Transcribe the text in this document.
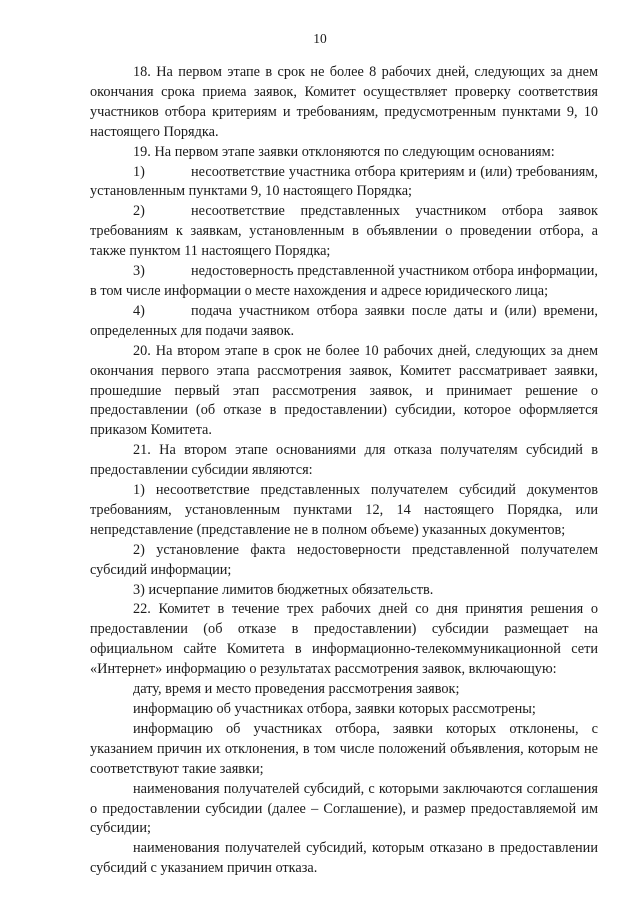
10

18. На первом этапе в срок не более 8 рабочих дней, следующих за днем окончания срока приема заявок, Комитет осуществляет проверку соответствия участников отбора критериям и требованиям, предусмотренным пунктами 9, 10 настоящего Порядка.

19. На первом этапе заявки отклоняются по следующим основаниям:

1)	несоответствие участника отбора критериям и (или) требованиям,

установленным пунктами 9, 10 настоящего Порядка;

2)	несоответствие представленных участником отбора заявок

требованиям к заявкам, установленным в объявлении о проведении отбора, а также пунктом 11 настоящего Порядка;

3)	недостоверность представленной участником отбора информации,

в том числе информации о месте нахождения и адресе юридического лица;

4)	подача участником отбора заявки после даты и (или) времени,

определенных для подачи заявок.

20. На втором этапе в срок не более 10 рабочих дней, следующих за днем окончания первого этапа рассмотрения заявок, Комитет рассматривает заявки, прошедшие первый этап рассмотрения заявок, и принимает решение о предоставлении (об отказе в предоставлении) субсидии, которое оформляется приказом Комитета.

21. На втором этапе основаниями для отказа получателям субсидий в предоставлении субсидии являются:

1) несоответствие представленных получателем субсидий документов требованиям, установленным пунктами 12, 14 настоящего Порядка, или непредставление (представление не в полном объеме) указанных документов;

2) установление факта недостоверности представленной получателем субсидий информации;

3) исчерпание лимитов бюджетных обязательств.

22. Комитет в течение трех рабочих дней со дня принятия решения о предоставлении (об отказе в предоставлении) субсидии размещает на официальном сайте Комитета в информационно-телекоммуникационной сети «Интернет» информацию о результатах рассмотрения заявок, включающую:

дату, время и место проведения рассмотрения заявок;

информацию об участниках отбора, заявки которых рассмотрены;

информацию об участниках отбора, заявки которых отклонены, с указанием причин их отклонения, в том числе положений объявления, которым не соответствуют такие заявки;

наименования получателей субсидий, с которыми заключаются соглашения о предоставлении субсидии (далее – Соглашение), и размер предоставляемой им субсидии;

наименования получателей субсидий, которым отказано в предоставлении субсидий с указанием причин отказа.
